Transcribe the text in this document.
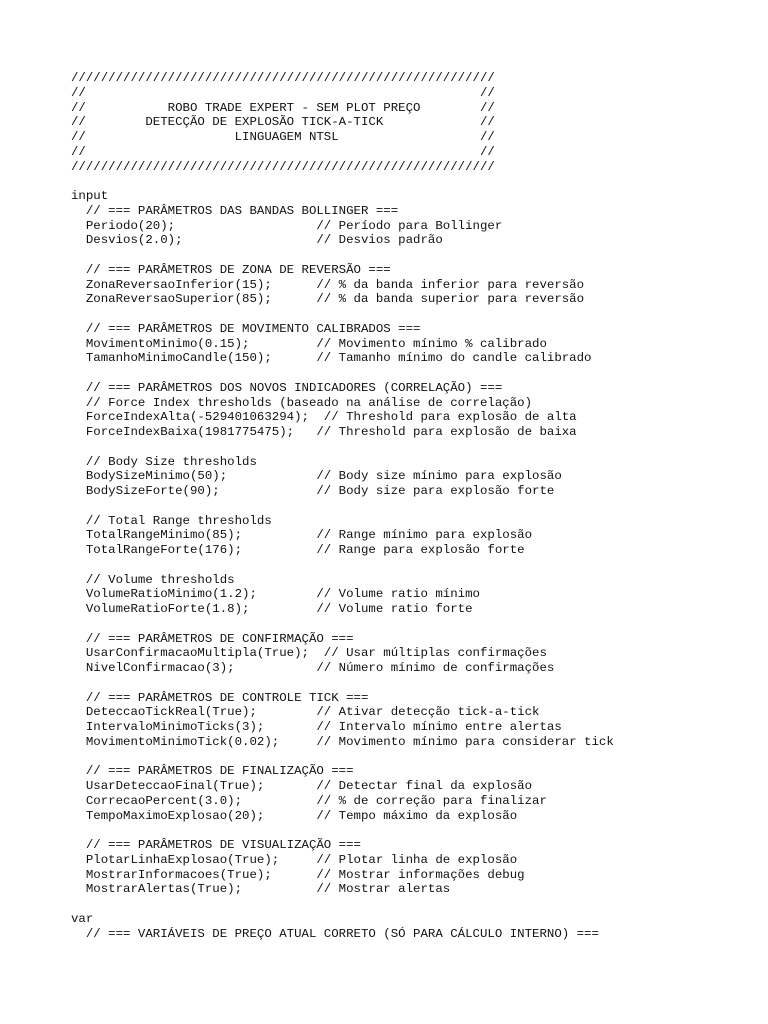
/////////////////////////////////////////////////////////
//                                                     //
//           ROBO TRADE EXPERT - SEM PLOT PREÇO        //
//        DETECÇÃO DE EXPLOSÃO TICK-A-TICK             //
//                    LINGUAGEM NTSL                   //
//                                                     //
/////////////////////////////////////////////////////////
input
// === PARÂMETROS DAS BANDAS BOLLINGER ===
Periodo(20);                   // Período para Bollinger
Desvios(2.0);                  // Desvios padrão
// === PARÂMETROS DE ZONA DE REVERSÃO ===
ZonaReversaoInferior(15);      // % da banda inferior para reversão
ZonaReversaoSuperior(85);      // % da banda superior para reversão
// === PARÂMETROS DE MOVIMENTO CALIBRADOS ===
MovimentoMinimo(0.15);         // Movimento mínimo % calibrado
TamanhoMinimoCandle(150);      // Tamanho mínimo do candle calibrado
// === PARÂMETROS DOS NOVOS INDICADORES (CORRELAÇÃO) ===
// Force Index thresholds (baseado na análise de correlação)
ForceIndexAlta(-529401063294);  // Threshold para explosão de alta
ForceIndexBaixa(1981775475);   // Threshold para explosão de baixa
// Body Size thresholds
BodySizeMinimo(50);            // Body size mínimo para explosão
BodySizeForte(90);             // Body size para explosão forte
// Total Range thresholds
TotalRangeMinimo(85);          // Range mínimo para explosão
TotalRangeForte(176);          // Range para explosão forte
// Volume thresholds
VolumeRatioMinimo(1.2);        // Volume ratio mínimo
VolumeRatioForte(1.8);         // Volume ratio forte
// === PARÂMETROS DE CONFIRMAÇÃO ===
UsarConfirmacaoMultipla(True);  // Usar múltiplas confirmações
NivelConfirmacao(3);           // Número mínimo de confirmações
// === PARÂMETROS DE CONTROLE TICK ===
DeteccaoTickReal(True);        // Ativar detecção tick-a-tick
IntervaloMinimoTicks(3);       // Intervalo mínimo entre alertas
MovimentoMinimoTick(0.02);     // Movimento mínimo para considerar tick
// === PARÂMETROS DE FINALIZAÇÃO ===
UsarDeteccaoFinal(True);       // Detectar final da explosão
CorrecaoPercent(3.0);          // % de correção para finalizar
TempoMaximoExplosao(20);       // Tempo máximo da explosão
// === PARÂMETROS DE VISUALIZAÇÃO ===
PlotarLinhaExplosao(True);     // Plotar linha de explosão
MostrarInformacoes(True);      // Mostrar informações debug
MostrarAlertas(True);          // Mostrar alertas
var
// === VARIÁVEIS DE PREÇO ATUAL CORRETO (SÓ PARA CÁLCULO INTERNO) ===
